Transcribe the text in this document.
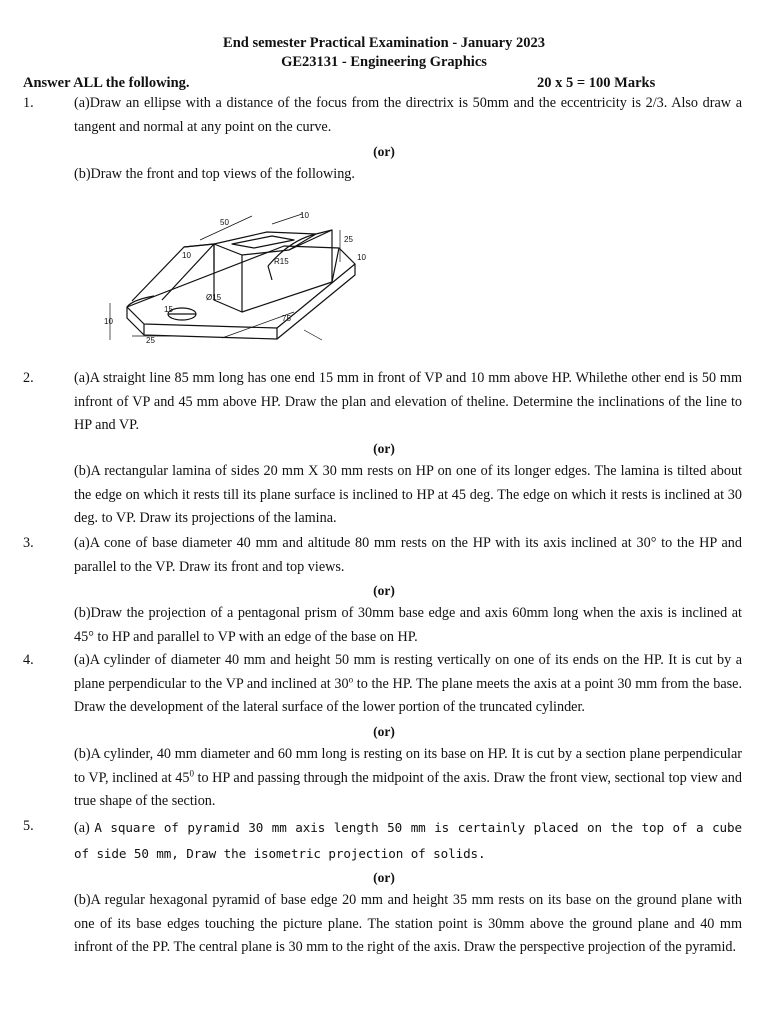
End semester Practical Examination - January 2023
GE23131 - Engineering Graphics
Answer ALL the following.	20 x 5 = 100 Marks
1.	(a)Draw an ellipse with a distance of the focus from the directrix is 50mm and the eccentricity is 2/3. Also draw a tangent and normal at any point on the curve.
(or)
(b)Draw the front and top views of the following.
50
10
25
R15
10	10
15
Ø15
10
25
75
2.	(a)A straight line 85 mm long has one end 15 mm in front of VP and 10 mm above HP. Whilethe other end is 50 mm infront of VP and 45 mm above HP. Draw the plan and elevation of theline. Determine the inclinations of the line to HP and VP.
(or)
(b)A rectangular lamina of sides 20 mm X 30 mm rests on HP on one of its longer edges. The lamina is tilted about the edge on which it rests till its plane surface is inclined to HP at 45 deg. The edge on which it rests is inclined at 30 deg. to VP. Draw its projections of the lamina.
3.	(a)A cone of base diameter 40 mm and altitude 80 mm rests on the HP with its axis inclined at 30° to the HP and parallel to the VP. Draw its front and top views.
(or)
(b)Draw the projection of a pentagonal prism of 30mm base edge and axis 60mm long when the axis is inclined at 45° to HP and parallel to VP with an edge of the base on HP.
4.	(a)A cylinder of diameter 40 mm and height 50 mm is resting vertically on one of its ends on the HP. It is cut by a plane perpendicular to the VP and inclined at 30$^o$ to the HP. The plane meets the axis at a point 30 mm from the base. Draw the development of the lateral surface of the lower portion of the truncated cylinder.
(or)
(b)A cylinder, 40 mm diameter and 60 mm long is resting on its base on HP. It is cut by a section plane perpendicular to VP, inclined at $45^0$ to HP and passing through the midpoint of the axis. Draw the front view, sectional top view and true shape of the section.
5.	(a) A square of pyramid 30 mm axis length 50 mm is certainly placed on the top of a cube of side 50 mm, Draw the isometric projection of solids.
(or)
(b)A regular hexagonal pyramid of base edge 20 mm and height 35 mm rests on its base on the ground plane with one of its base edges touching the picture plane. The station point is 30mm above the ground plane and 40 mm infront of the PP. The central plane is 30 mm to the right of the axis. Draw the perspective projection of the pyramid.
